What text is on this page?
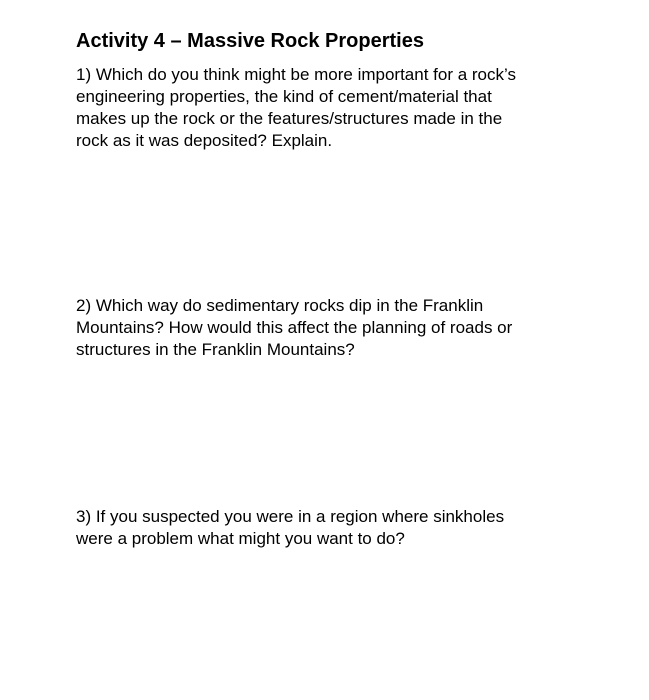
Activity 4 – Massive Rock Properties

1) Which do you think might be more important for a rock’s
engineering properties, the kind of cement/material that
makes up the rock or the features/structures made in the
rock as it was deposited? Explain.

2) Which way do sedimentary rocks dip in the Franklin
Mountains? How would this affect the planning of roads or
structures in the Franklin Mountains?

3) If you suspected you were in a region where sinkholes
were a problem what might you want to do?
